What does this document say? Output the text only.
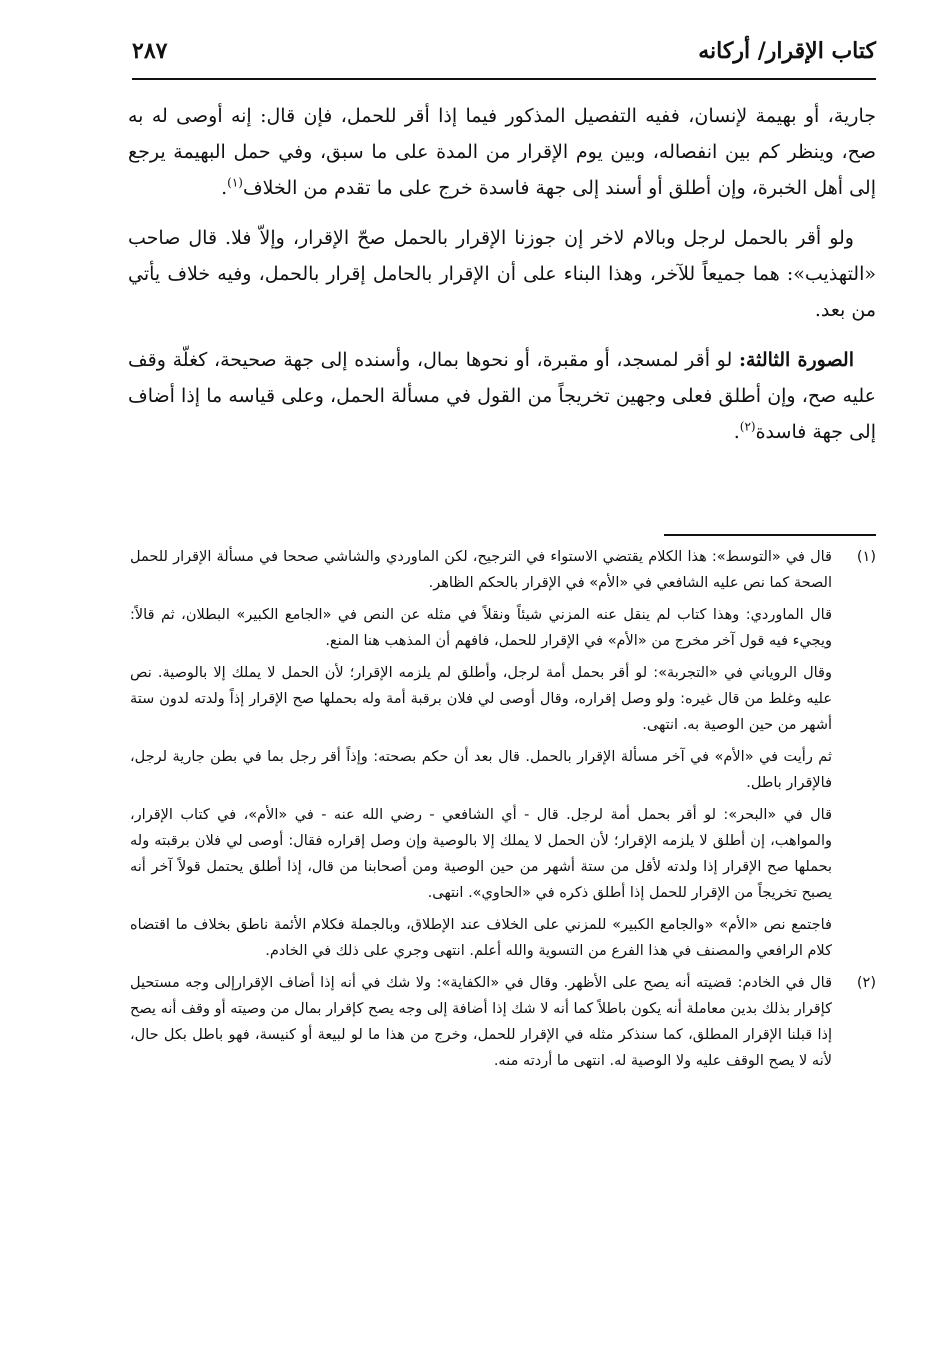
كتاب الإقرار/ أركانه
٢٨٧

جارية، أو بهيمة لإنسان، ففيه التفصيل المذكور فيما إذا أقر للحمل، فإن قال: إنه أوصى له به صح، وينظر كم بين انفصاله، وبين يوم الإقرار من المدة على ما سبق، وفي حمل البهيمة يرجع إلى أهل الخبرة، وإن أطلق أو أسند إلى جهة فاسدة خرج على ما تقدم من الخلاف$^{(١)}$.

ولو أقر بالحمل لرجل وبالام لاخر إن جوزنا الإقرار بالحمل صحّ الإقرار، وإلاّ فلا. قال صاحب «التهذيب»: هما جميعاً للآخر، وهذا البناء على أن الإقرار بالحامل إقرار بالحمل، وفيه خلاف يأتي من بعد.

الصورة الثالثة: لو أقر لمسجد، أو مقبرة، أو نحوها بمال، وأسنده إلى جهة صحيحة، كغلّة وقف عليه صح، وإن أطلق فعلى وجهين تخريجاً من القول في مسألة الحمل، وعلى قياسه ما إذا أضاف إلى جهة فاسدة$^{(٢)}$.

(١)

قال في «التوسط»: هذا الكلام يقتضي الاستواء في الترجيح، لكن الماوردي والشاشي صححا في مسألة الإقرار للحمل الصحة كما نص عليه الشافعي في «الأم» في الإقرار بالحكم الظاهر.

قال الماوردي: وهذا كتاب لم ينقل عنه المزني شيئاً ونقلاً في مثله عن النص في «الجامع الكبير» البطلان، ثم قالاً: ويجيء فيه قول آخر مخرج من «الأم» في الإقرار للحمل، فافهم أن المذهب هنا المنع.

وقال الروياني في «التجربة»: لو أقر بحمل أمة لرجل، وأطلق لم يلزمه الإقرار؛ لأن الحمل لا يملك إلا بالوصية. نص عليه وغلط من قال غيره: ولو وصل إقراره، وقال أوصى لي فلان برقبة أمة وله بحملها صح الإقرار إذاً ولدته لدون ستة أشهر من حين الوصية به. انتهى.

ثم رأيت في «الأم» في آخر مسألة الإقرار بالحمل. قال بعد أن حكم بصحته: وإذاً أقر رجل بما في بطن جارية لرجل، فالإقرار باطل.

قال في «البحر»: لو أقر بحمل أمة لرجل. قال - أي الشافعي - رضي الله عنه - في «الأم»، في كتاب الإقرار، والمواهب، إن أطلق لا يلزمه الإقرار؛ لأن الحمل لا يملك إلا بالوصية وإن وصل إقراره فقال: أوصى لي فلان برقبته وله بحملها صح الإقرار إذا ولدته لأقل من ستة أشهر من حين الوصية ومن أصحابنا من قال، إذا أطلق يحتمل قولاً آخر أنه يصبح تخريجاً من الإقرار للحمل إذا أطلق ذكره في «الحاوي». انتهى.

فاجتمع نص «الأم» «والجامع الكبير» للمزني على الخلاف عند الإطلاق، وبالجملة فكلام الأئمة ناطق بخلاف ما اقتضاه كلام الرافعي والمصنف في هذا الفرع من التسوية والله أعلم. انتهى وجري على ذلك في الخادم.

(٢)

قال في الخادم: قضيته أنه يصح على الأظهر. وقال في «الكفاية»: ولا شك في أنه إذا أضاف الإقرارإلى وجه مستحيل كإقرار بذلك بدين معاملة أنه يكون باطلاً كما أنه لا شك إذا أضافة إلى وجه يصح كإقرار بمال من وصيته أو وقف أنه يصح إذا قبلنا الإقرار المطلق، كما سنذكر مثله في الإقرار للحمل، وخرج من هذا ما لو لبيعة أو كنيسة، فهو باطل بكل حال، لأنه لا يصح الوقف عليه ولا الوصية له. انتهى ما أردته منه.
